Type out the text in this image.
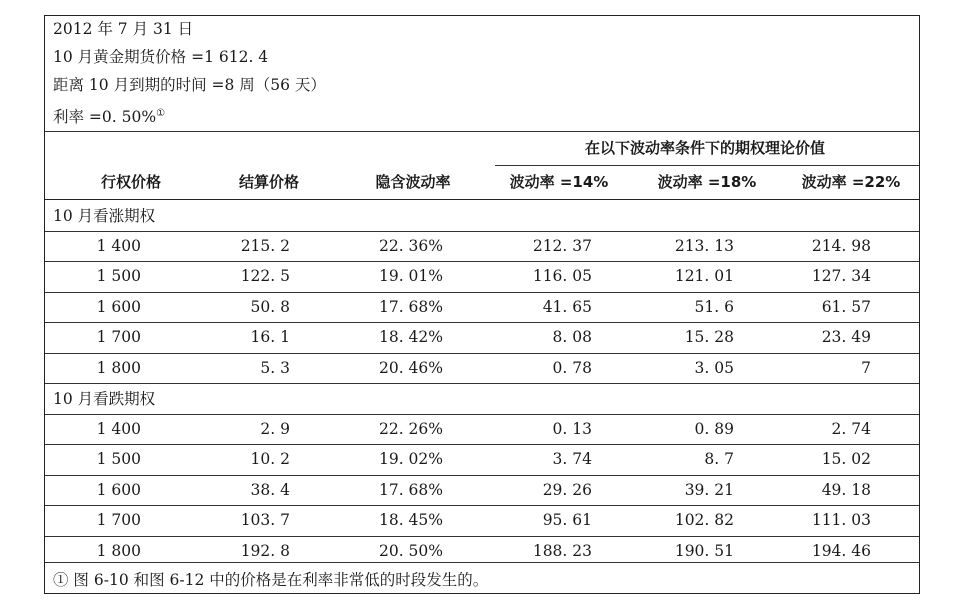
2012 年 7 月 31 日
10 月黄金期货价格 =1 612. 4
距离 10 月到期的时间 =8 周（56 天）
利率 =0. 50%①
在以下波动率条件下的期权理论价值
行权价格	结算价格	隐含波动率	波动率 =14%	波动率 =18%	波动率 =22%
10 月看涨期权
1 400	215. 2	22. 36%	212. 37	213. 13	214. 98
1 500	122. 5	19. 01%	116. 05	121. 01	127. 34
1 600	50. 8	17. 68%	41. 65	51. 6	61. 57
1 700	16. 1	18. 42%	8. 08	15. 28	23. 49
1 800	5. 3	20. 46%	0. 78	3. 05	7
10 月看跌期权
1 400	2. 9	22. 26%	0. 13	0. 89	2. 74
1 500	10. 2	19. 02%	3. 74	8. 7	15. 02
1 600	38. 4	17. 68%	29. 26	39. 21	49. 18
1 700	103. 7	18. 45%	95. 61	102. 82	111. 03
1 800	192. 8	20. 50%	188. 23	190. 51	194. 46
① 图 6-10 和图 6-12 中的价格是在利率非常低的时段发生的。
